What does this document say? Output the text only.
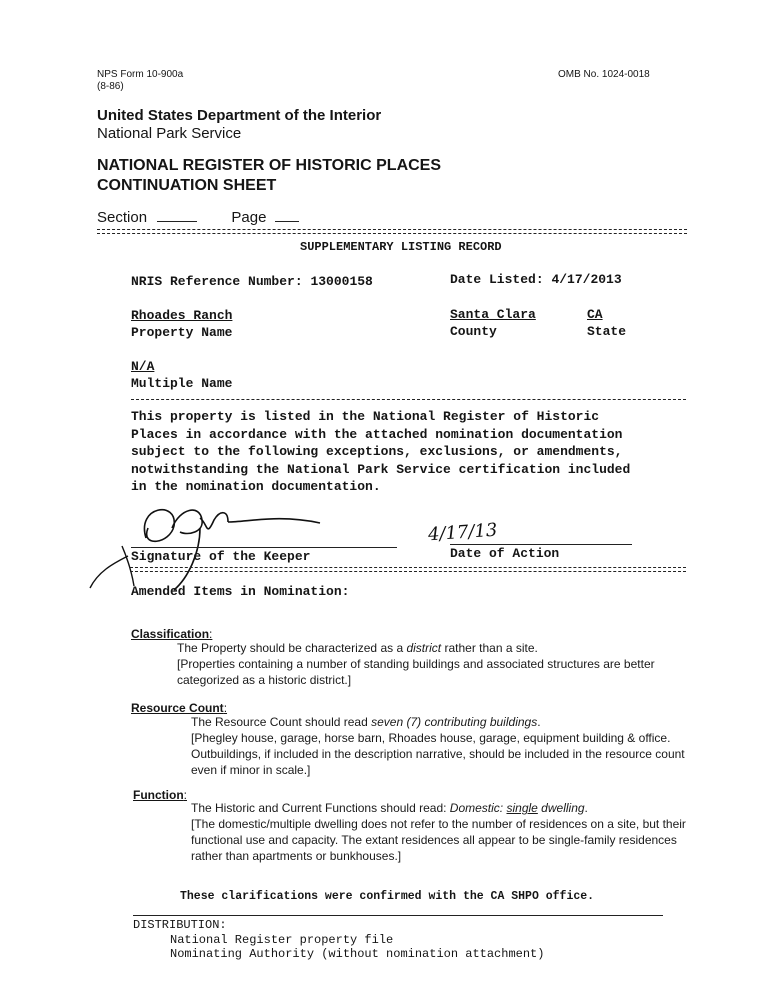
NPS Form 10-900a
(8-86)
OMB No. 1024-0018
United States Department of the Interior
National Park Service
NATIONAL REGISTER OF HISTORIC PLACES
CONTINUATION SHEET
Section	Page
SUPPLEMENTARY LISTING RECORD
NRIS Reference Number: 13000158	Date Listed: 4/17/2013
Rhoades Ranch
Property Name
Santa Clara
County
CA
State
N/A
Multiple Name
This property is listed in the National Register of Historic
Places in accordance with the attached nomination documentation
subject to the following exceptions, exclusions, or amendments,
notwithstanding the National Park Service certification included
in the nomination documentation.
Signature of the Keeper
4/17/13
Date of Action
Amended Items in Nomination:
Classification:
The Property should be characterized as a district rather than a site.
[Properties containing a number of standing buildings and associated structures are better
categorized as a historic district.]
Resource Count:
The Resource Count should read seven (7) contributing buildings.
[Phegley house, garage, horse barn, Rhoades house, garage, equipment building & office.
Outbuildings, if included in the description narrative, should be included in the resource count
even if minor in scale.]
Function:
The Historic and Current Functions should read: Domestic: single dwelling.
[The domestic/multiple dwelling does not refer to the number of residences on a site, but their
functional use and capacity. The extant residences all appear to be single-family residences
rather than apartments or bunkhouses.]
These clarifications were confirmed with the CA SHPO office.
DISTRIBUTION:
National Register property file
Nominating Authority (without nomination attachment)
